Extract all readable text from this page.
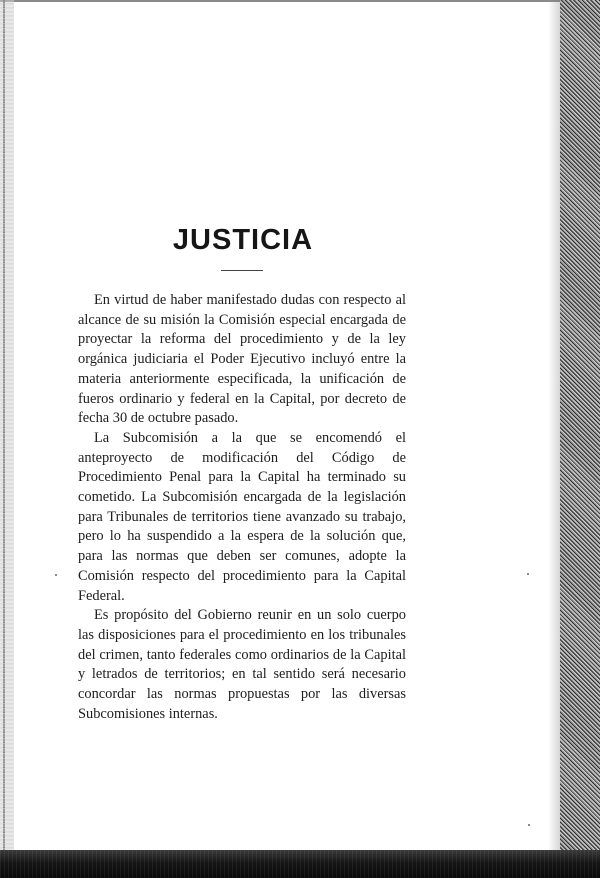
JUSTICIA

En virtud de haber manifestado dudas con respecto al alcance de su misión la Comisión especial encargada de proyectar la reforma del procedimiento y de la ley orgánica judiciaria el Poder Ejecutivo incluyó entre la materia anteriormente especificada, la unificación de fueros ordinario y federal en la Capital, por decreto de fecha 30 de octubre pasado.

La Subcomisión a la que se encomendó el anteproyecto de modificación del Código de Procedimiento Penal para la Capital ha terminado su cometido. La Subcomisión encargada de la legislación para Tribunales de territorios tiene avanzado su trabajo, pero lo ha suspendido a la espera de la solución que, para las normas que deben ser comunes, adopte la Comisión respecto del procedimiento para la Capital Federal.

Es propósito del Gobierno reunir en un solo cuerpo las disposiciones para el procedimiento en los tribunales del crimen, tanto federales como ordinarios de la Capital y letrados de territorios; en tal sentido será necesario concordar las normas propuestas por las diversas Subcomisiones internas.
